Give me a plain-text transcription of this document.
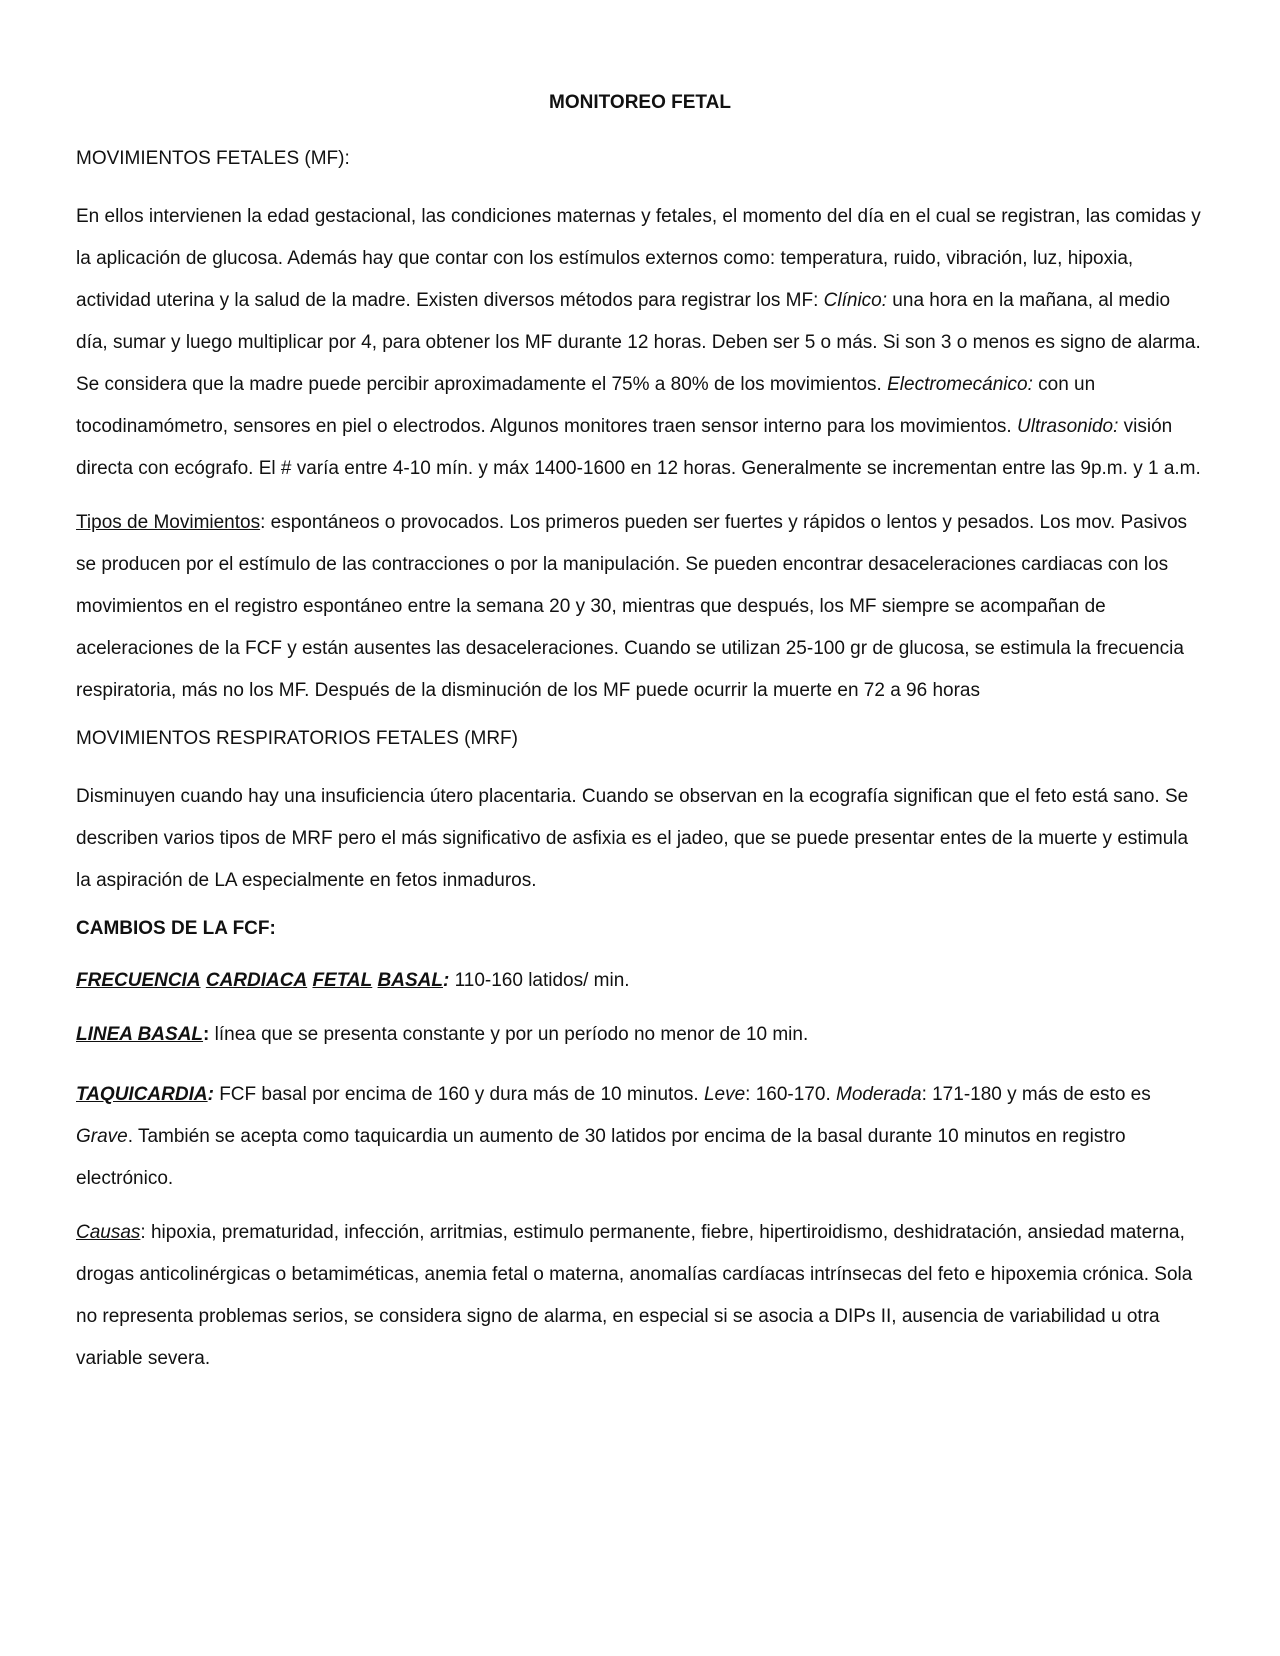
MONITOREO FETAL
MOVIMIENTOS FETALES (MF):

En ellos intervienen la edad gestacional, las condiciones maternas y fetales, el momento del día en el cual se registran, las comidas y la aplicación de glucosa. Además hay que contar con los estímulos externos como: temperatura, ruido, vibración, luz, hipoxia, actividad uterina y la salud de la madre. Existen diversos métodos para registrar los MF: Clínico: una hora en la mañana, al medio día, sumar y luego multiplicar por 4, para obtener los MF durante 12 horas. Deben ser 5 o más. Si son 3 o menos es signo de alarma. Se considera que la madre puede percibir aproximadamente el 75% a 80% de los movimientos. Electromecánico: con un tocodinamómetro, sensores en piel o electrodos. Algunos monitores traen sensor interno para los movimientos. Ultrasonido: visión directa con ecógrafo. El # varía entre 4-10 mín. y máx 1400-1600 en 12 horas. Generalmente se incrementan entre las 9p.m. y 1 a.m.

Tipos de Movimientos: espontáneos o provocados. Los primeros pueden ser fuertes y rápidos o lentos y pesados. Los mov. Pasivos se producen por el estímulo de las contracciones o por la manipulación. Se pueden encontrar desaceleraciones cardiacas con los movimientos en el registro espontáneo entre la semana 20 y 30, mientras que después, los MF siempre se acompañan de aceleraciones de la FCF y están ausentes las desaceleraciones. Cuando se utilizan 25-100 gr de glucosa, se estimula la frecuencia respiratoria, más no los MF. Después de la disminución de los MF puede ocurrir la muerte en 72 a 96 horas

MOVIMIENTOS RESPIRATORIOS FETALES (MRF)

Disminuyen cuando hay una insuficiencia útero placentaria. Cuando se observan en la ecografía significan que el feto está sano. Se describen varios tipos de MRF pero el más significativo de asfixia es el jadeo, que se puede presentar entes de la muerte y estimula la aspiración de LA especialmente en fetos inmaduros.

CAMBIOS DE LA FCF:

FRECUENCIA CARDIACA FETAL BASAL: 110-160 latidos/ min.

LINEA BASAL: línea que se presenta constante y por un período no menor de 10 min.

TAQUICARDIA: FCF basal por encima de 160 y dura más de 10 minutos. Leve: 160-170. Moderada: 171-180 y más de esto es Grave. También se acepta como taquicardia un aumento de 30 latidos por encima de la basal durante 10 minutos en registro electrónico.

Causas: hipoxia, prematuridad, infección, arritmias, estimulo permanente, fiebre, hipertiroidismo, deshidratación, ansiedad materna, drogas anticolinérgicas o betamiméticas, anemia fetal o materna, anomalías cardíacas intrínsecas del feto e hipoxemia crónica. Sola no representa problemas serios, se considera signo de alarma, en especial si se asocia a DIPs II, ausencia de variabilidad u otra variable severa.
